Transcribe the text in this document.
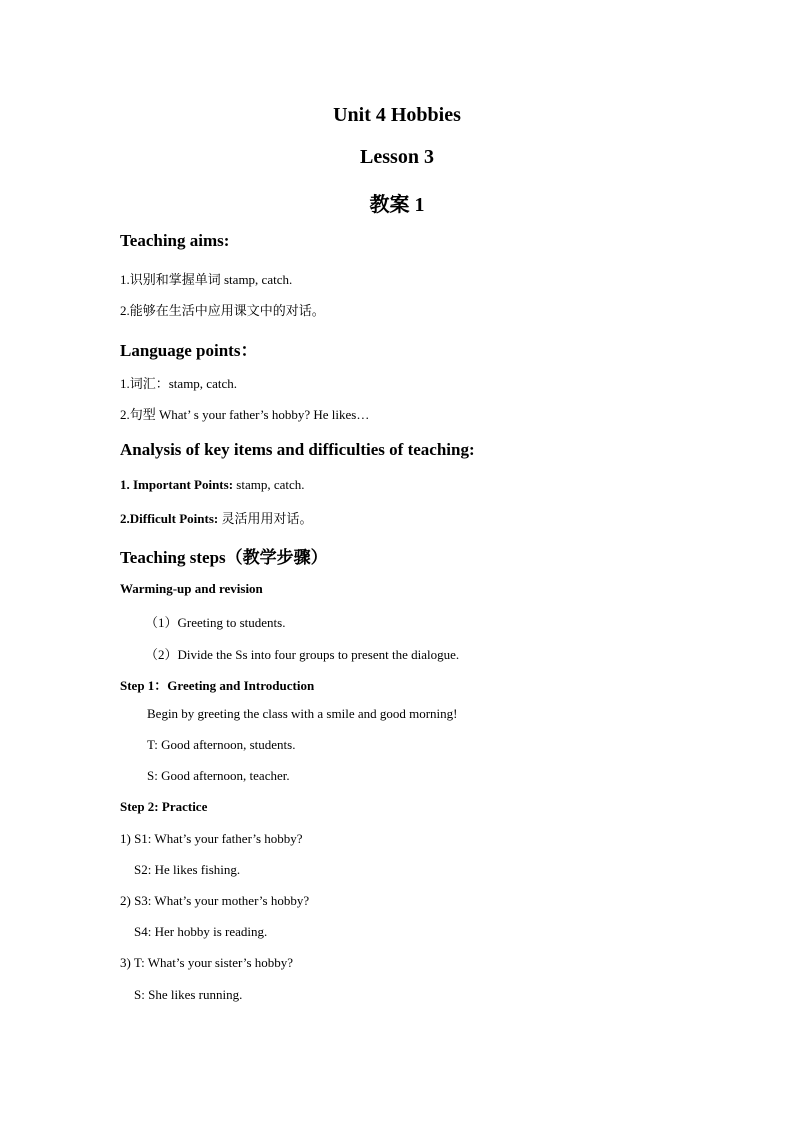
Unit 4 Hobbies
Lesson 3
教案 1
Teaching aims:
1.识别和掌握单词 stamp, catch.
2.能够在生活中应用课文中的对话。
Language points：
1.词汇：stamp, catch.
2.句型 What’ s your father’s hobby? He likes…
Analysis of key items and difficulties of teaching:
1. Important Points: stamp, catch.
2.Difficult Points: 灵活用用对话。
Teaching steps（教学步骤）
Warming-up and revision
（1）Greeting to students.
（2）Divide the Ss into four groups to present the dialogue.
Step 1：Greeting and Introduction
Begin by greeting the class with a smile and good morning!
T: Good afternoon, students.
S: Good afternoon, teacher.
Step 2: Practice
1) S1: What’s your father’s hobby?
S2: He likes fishing.
2) S3: What’s your mother’s hobby?
S4: Her hobby is reading.
3) T: What’s your sister’s hobby?
S: She likes running.
